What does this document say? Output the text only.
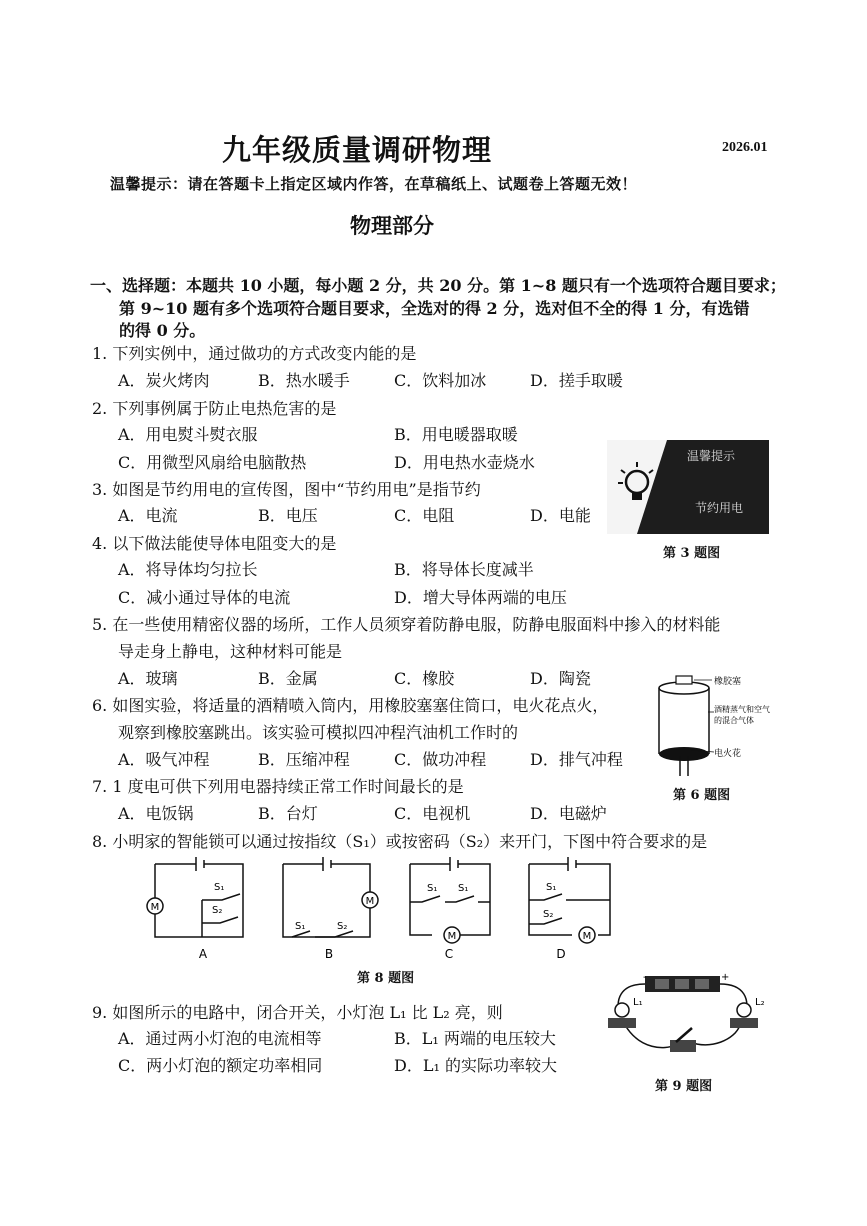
九年级质量调研物理	2026.01
温馨提示：请在答题卡上指定区域内作答，在草稿纸上、试题卷上答题无效！
物理部分
一、选择题：本题共 10 小题，每小题 2 分，共 20 分。第 1~8 题只有一个选项符合题目要求；
第 9~10 题有多个选项符合题目要求，全选对的得 2 分，选对但不全的得 1 分，有选错
的得 0 分。
1. 下列实例中，通过做功的方式改变内能的是
A．炭火烤肉	B．热水暖手	C．饮料加冰	D．搓手取暖
2. 下列事例属于防止电热危害的是
A．用电熨斗熨衣服	B．用电暖器取暖
C．用微型风扇给电脑散热	D．用电热水壶烧水
3. 如图是节约用电的宣传图，图中“节约用电”是指节约
A．电流	B．电压	C．电阻	D．电能
温馨提示
节约用电
第 3 题图
4. 以下做法能使导体电阻变大的是
A．将导体均匀拉长	B．将导体长度减半
C．减小通过导体的电流	D．增大导体两端的电压
5. 在一些使用精密仪器的场所，工作人员须穿着防静电服，防静电服面料中掺入的材料能
导走身上静电，这种材料可能是
A．玻璃	B．金属	C．橡胶	D．陶瓷
6. 如图实验，将适量的酒精喷入筒内，用橡胶塞塞住筒口，电火花点火，
观察到橡胶塞跳出。该实验可模拟四冲程汽油机工作时的
A．吸气冲程	B．压缩冲程	C．做功冲程	D．排气冲程
橡胶塞
酒精蒸气和空气
的混合气体
电火花
第 6 题图
7. 1 度电可供下列用电器持续正常工作时间最长的是
A．电饭锅	B．台灯	C．电视机	D．电磁炉
8. 小明家的智能锁可以通过按指纹（S₁）或按密码（S₂）来开门，下图中符合要求的是
M
M
M	M
S₁
S₂
S₁	S₂
S₁ S₁	S₁
S₂
A	B	C	D
第 8 题图
9. 如图所示的电路中，闭合开关，小灯泡 L₁ 比 L₂ 亮，则
A．通过两小灯泡的电流相等	B．L₁ 两端的电压较大
C．两小灯泡的额定功率相同	D．L₁ 的实际功率较大
-	+
L₁	L₂
第 9 题图
